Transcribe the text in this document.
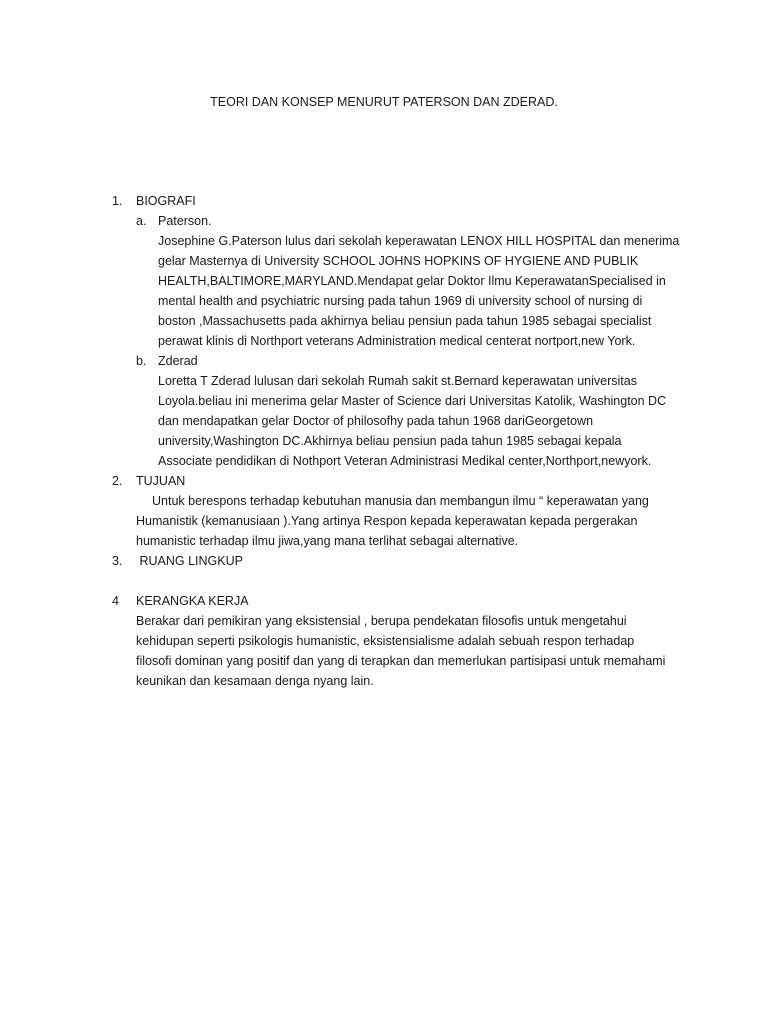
TEORI DAN KONSEP MENURUT PATERSON DAN ZDERAD.
1. BIOGRAFI
a. Paterson.
Josephine G.Paterson lulus dari sekolah keperawatan LENOX HILL HOSPITAL dan menerima
gelar Masternya di University SCHOOL JOHNS HOPKINS OF HYGIENE AND PUBLIK
HEALTH,BALTIMORE,MARYLAND.Mendapat gelar Doktor Ilmu KeperawatanSpecialised in
mental health and psychiatric nursing pada tahun 1969 di university school of nursing di
boston ,Massachusetts pada akhirnya beliau pensiun pada tahun 1985 sebagai specialist
perawat klinis di Northport veterans Administration medical centerat nortport,new York.
b. Zderad
Loretta T Zderad lulusan dari sekolah Rumah sakit st.Bernard keperawatan universitas
Loyola.beliau ini menerima gelar Master of Science dari Universitas Katolik, Washington DC
dan mendapatkan gelar Doctor of philosofhy pada tahun 1968 dariGeorgetown
university,Washington DC.Akhirnya beliau pensiun pada tahun 1985 sebagai kepala
Associate pendidikan di Nothport Veteran Administrasi Medikal center,Northport,newyork.
2. TUJUAN
Untuk berespons terhadap kebutuhan manusia dan membangun ilmu “ keperawatan yang
Humanistik (kemanusiaan ).Yang artinya Respon kepada keperawatan kepada pergerakan
humanistic terhadap ilmu jiwa,yang mana terlihat sebagai alternative.
3. RUANG LINGKUP
4 KERANGKA KERJA
Berakar dari pemikiran yang eksistensial , berupa pendekatan filosofis untuk mengetahui
kehidupan seperti psikologis humanistic, eksistensialisme adalah sebuah respon terhadap
filosofi dominan yang positif dan yang di terapkan dan memerlukan partisipasi untuk memahami
keunikan dan kesamaan denga nyang lain.
